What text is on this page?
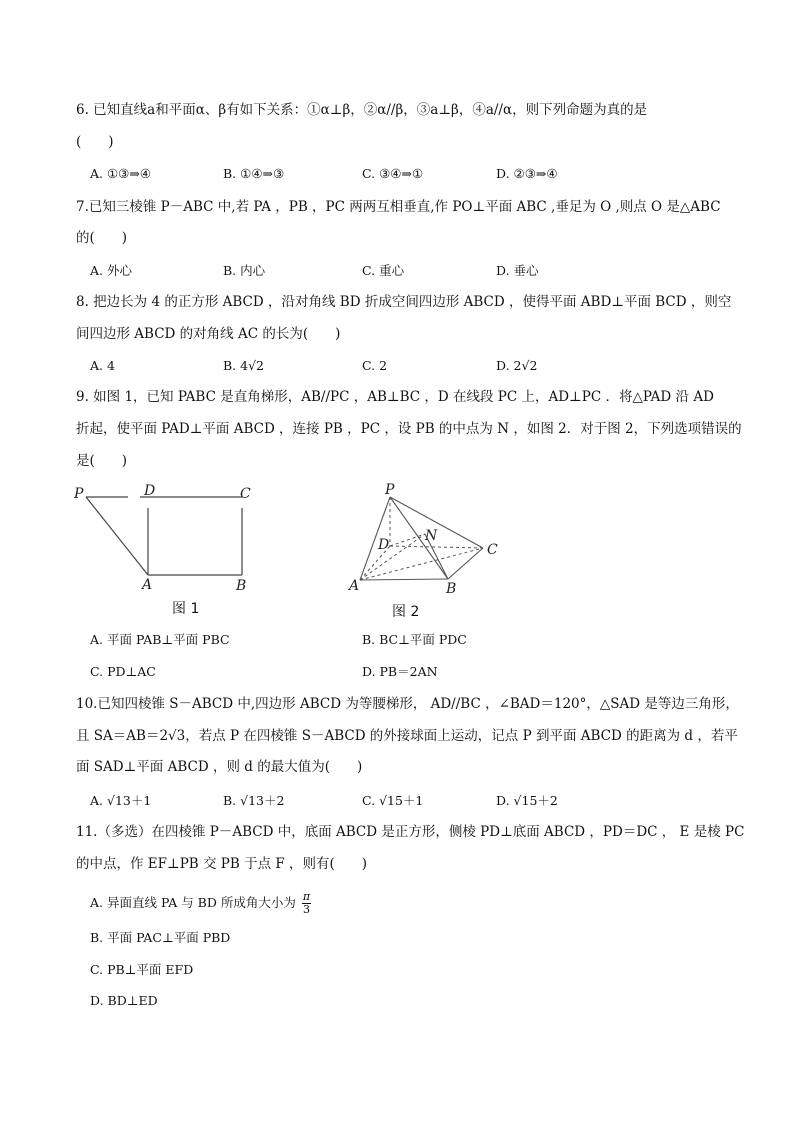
6. 已知直线a和平面α、β有如下关系：①α⊥β，②α//β，③a⊥β，④a//α，则下列命题为真的是
(　　)
A. ①③⇒④	B. ①④⇒③	C. ③④⇒①	D. ②③⇒④
7.已知三棱锥 P－ABC 中,若 PA ，PB ，PC 两两互相垂直,作 PO⊥平面 ABC ,垂足为 O ,则点 O 是△ABC
的(　　)
A. 外心	B. 内心	C. 重心	D. 垂心
8. 把边长为 4 的正方形 ABCD ，沿对角线 BD 折成空间四边形 ABCD ，使得平面 ABD⊥平面 BCD ，则空
间四边形 ABCD 的对角线 AC 的长为(　　)
A. 4	B. 4√2	C. 2	D. 2√2
9. 如图 1，已知 PABC 是直角梯形，AB//PC ，AB⊥BC ，D 在线段 PC 上，AD⊥PC ．将△PAD 沿 AD
折起，使平面 PAD⊥平面 ABCD ，连接 PB ，PC ，设 PB 的中点为 N ，如图 2．对于图 2，下列选项错误的
是(　　)
P	D	C
A	B
图 1
P
D
N
C
A	B
图 2
A. 平面 PAB⊥平面 PBC	B. BC⊥平面 PDC
C. PD⊥AC	D. PB＝2AN
10.已知四棱锥 S－ABCD 中,四边形 ABCD 为等腰梯形， AD//BC ，∠BAD＝120°，△SAD 是等边三角形，
且 SA＝AB＝2√3，若点 P 在四棱锥 S－ABCD 的外接球面上运动，记点 P 到平面 ABCD 的距离为 d ，若平
面 SAD⊥平面 ABCD ，则 d 的最大值为(　　)
A. √13＋1	B. √13＋2	C. √15＋1	D. √15＋2
11.（多选）在四棱锥 P－ABCD 中，底面 ABCD 是正方形，侧棱 PD⊥底面 ABCD ，PD＝DC ， E 是棱 PC
的中点，作 EF⊥PB 交 PB 于点 F ，则有(　　)
A. 异面直线 PA 与 BD 所成角大小为 $\frac{\pi}{3}$
B. 平面 PAC⊥平面 PBD
C. PB⊥平面 EFD
D. BD⊥ED
